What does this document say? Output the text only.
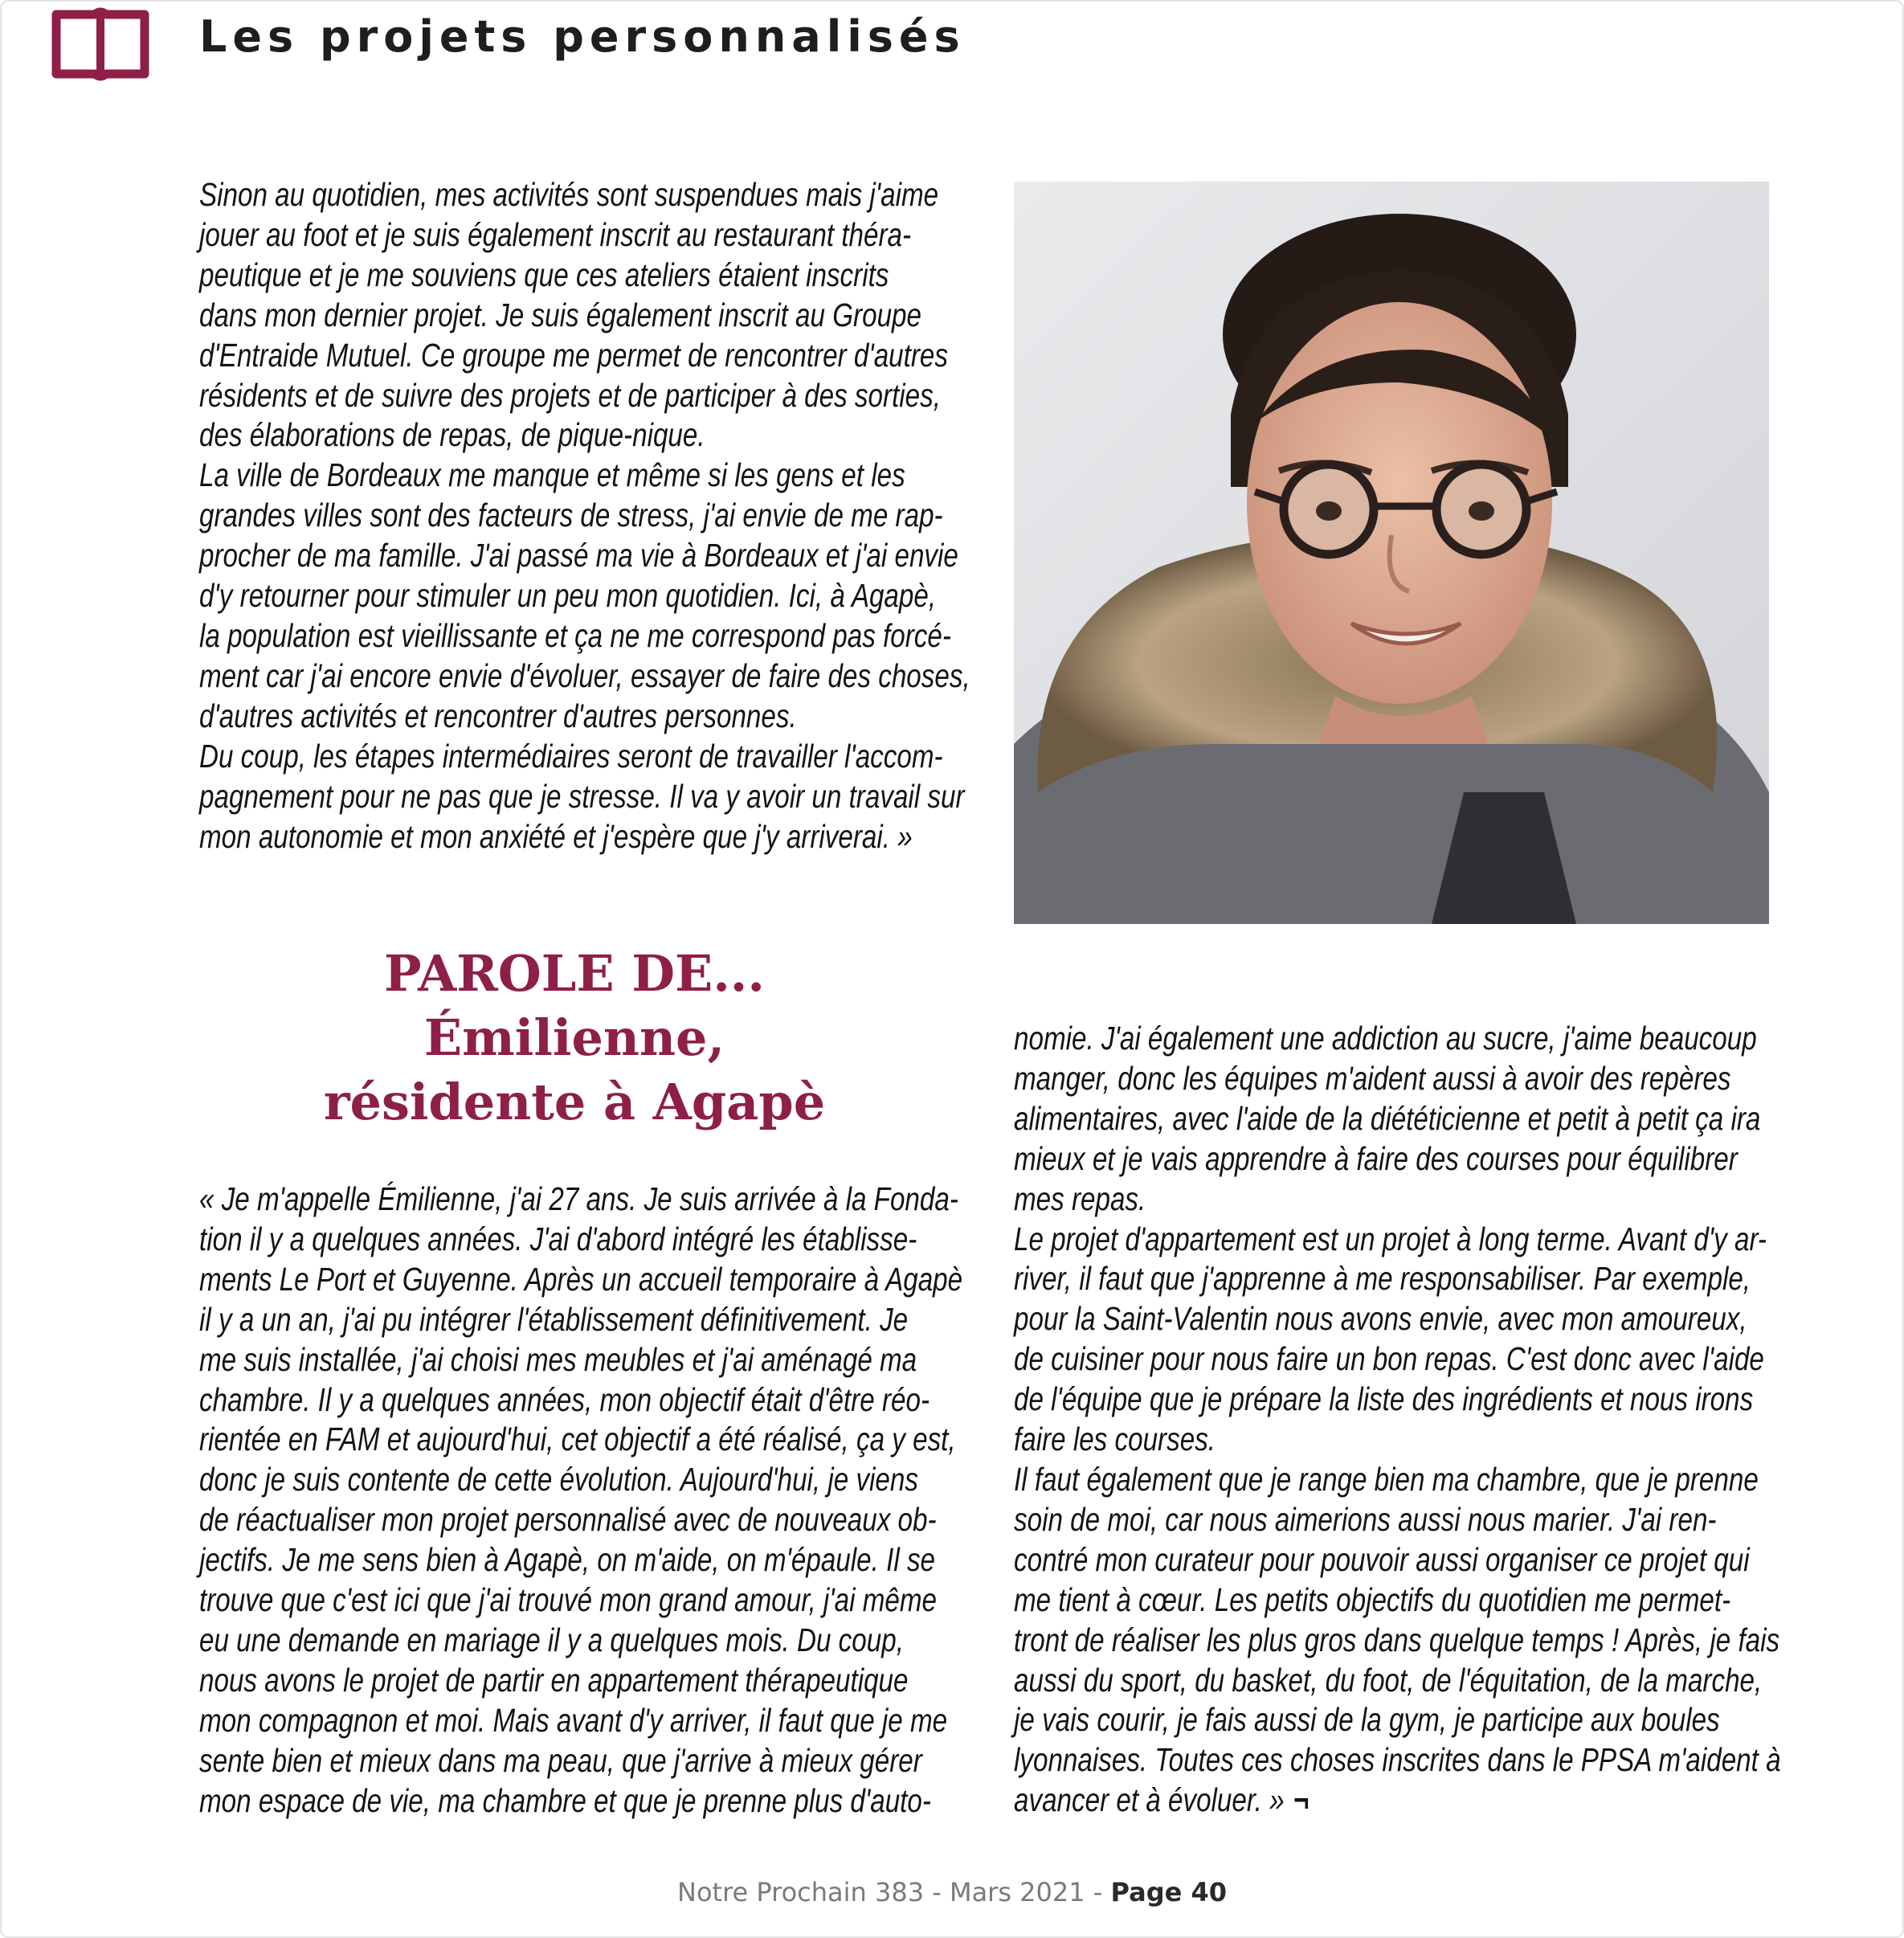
Les projets personnalisés

Sinon au quotidien, mes activités sont suspendues mais j'aime

jouer au foot et je suis également inscrit au restaurant théra-

peutique et je me souviens que ces ateliers étaient inscrits

dans mon dernier projet. Je suis également inscrit au Groupe

d'Entraide Mutuel. Ce groupe me permet de rencontrer d'autres

résidents et de suivre des projets et de participer à des sorties,

des élaborations de repas, de pique-nique.

La ville de Bordeaux me manque et même si les gens et les

grandes villes sont des facteurs de stress, j'ai envie de me rap-

procher de ma famille. J'ai passé ma vie à Bordeaux et j'ai envie

d'y retourner pour stimuler un peu mon quotidien. Ici, à Agapè,

la population est vieillissante et ça ne me correspond pas forcé-

ment car j'ai encore envie d'évoluer, essayer de faire des choses,

d'autres activités et rencontrer d'autres personnes.

Du coup, les étapes intermédiaires seront de travailler l'accom-

pagnement pour ne pas que je stresse. Il va y avoir un travail sur

mon autonomie et mon anxiété et j'espère que j'y arriverai. »

PAROLE DE...
Émilienne,
résidente à Agapè

« Je m'appelle Émilienne, j'ai 27 ans. Je suis arrivée à la Fonda-

tion il y a quelques années. J'ai d'abord intégré les établisse-

ments Le Port et Guyenne. Après un accueil temporaire à Agapè

il y a un an, j'ai pu intégrer l'établissement définitivement. Je

me suis installée, j'ai choisi mes meubles et j'ai aménagé ma

chambre. Il y a quelques années, mon objectif était d'être réo-

rientée en FAM et aujourd'hui, cet objectif a été réalisé, ça y est,

donc je suis contente de cette évolution. Aujourd'hui, je viens

de réactualiser mon projet personnalisé avec de nouveaux ob-

jectifs. Je me sens bien à Agapè, on m'aide, on m'épaule. Il se

trouve que c'est ici que j'ai trouvé mon grand amour, j'ai même

eu une demande en mariage il y a quelques mois. Du coup,

nous avons le projet de partir en appartement thérapeutique

mon compagnon et moi. Mais avant d'y arriver, il faut que je me

sente bien et mieux dans ma peau, que j'arrive à mieux gérer

mon espace de vie, ma chambre et que je prenne plus d'auto-

nomie. J'ai également une addiction au sucre, j'aime beaucoup

manger, donc les équipes m'aident aussi à avoir des repères

alimentaires, avec l'aide de la diététicienne et petit à petit ça ira

mieux et je vais apprendre à faire des courses pour équilibrer

mes repas.

Le projet d'appartement est un projet à long terme. Avant d'y ar-

river, il faut que j'apprenne à me responsabiliser. Par exemple,

pour la Saint-Valentin nous avons envie, avec mon amoureux,

de cuisiner pour nous faire un bon repas. C'est donc avec l'aide

de l'équipe que je prépare la liste des ingrédients et nous irons

faire les courses.

Il faut également que je range bien ma chambre, que je prenne

soin de moi, car nous aimerions aussi nous marier. J'ai ren-

contré mon curateur pour pouvoir aussi organiser ce projet qui

me tient à cœur. Les petits objectifs du quotidien me permet-

tront de réaliser les plus gros dans quelque temps ! Après, je fais

aussi du sport, du basket, du foot, de l'équitation, de la marche,

je vais courir, je fais aussi de la gym, je participe aux boules

lyonnaises. Toutes ces choses inscrites dans le PPSA m'aident à

avancer et à évoluer. » ¬

Notre Prochain 383 - Mars 2021 - Page 40
